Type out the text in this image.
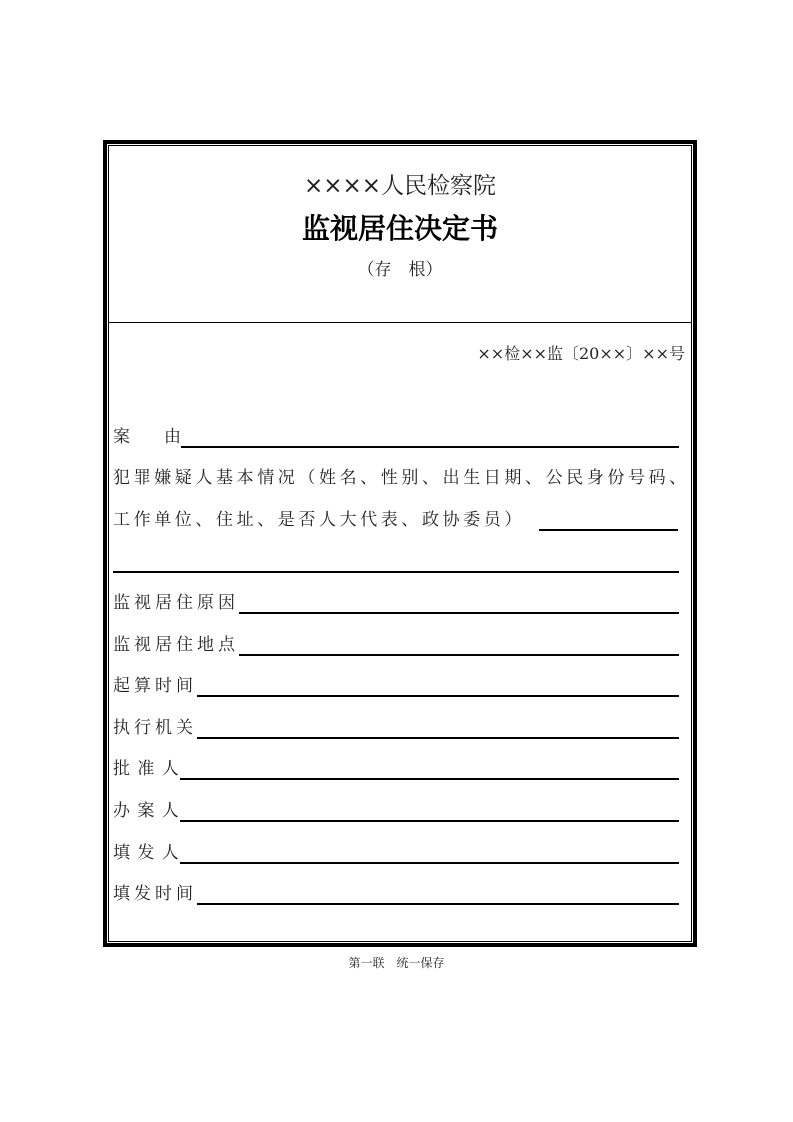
××××人民检察院
监视居住决定书
（存　根）
××检××监〔20××〕××号
案　　由
犯罪嫌疑人基本情况（姓名、性别、出生日期、公民身份号码、
工作单位、住址、是否人大代表、政协委员）
监视居住原因
监视居住地点
起算时间
执行机关
批 准 人
办 案 人
填 发 人
填发时间
第一联　统一保存
